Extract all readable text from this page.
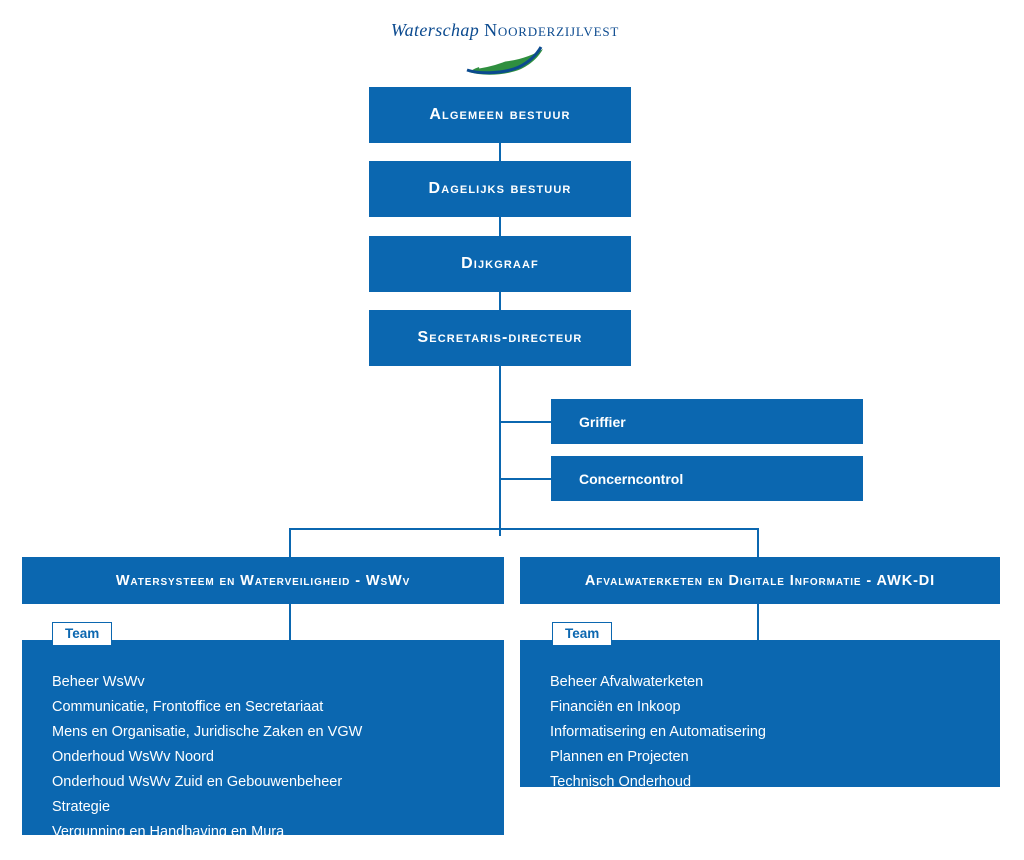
Waterschap Noorderzijlvest
Algemeen bestuur
Dagelijks bestuur
Dijkgraaf
Secretaris-directeur
Griffier
Concerncontrol
Watersysteem en Waterveiligheid - WsWv	Afvalwaterketen en Digitale Informatie - AWK-DI
Beheer WsWv
Communicatie, Frontoffice en Secretariaat
Mens en Organisatie, Juridische Zaken en VGW
Onderhoud WsWv Noord
Onderhoud WsWv Zuid en Gebouwenbeheer
Strategie
Vergunning en Handhaving en Mura
Team
Beheer Afvalwaterketen
Financiën en Inkoop
Informatisering en Automatisering
Plannen en Projecten
Technisch Onderhoud
Team
